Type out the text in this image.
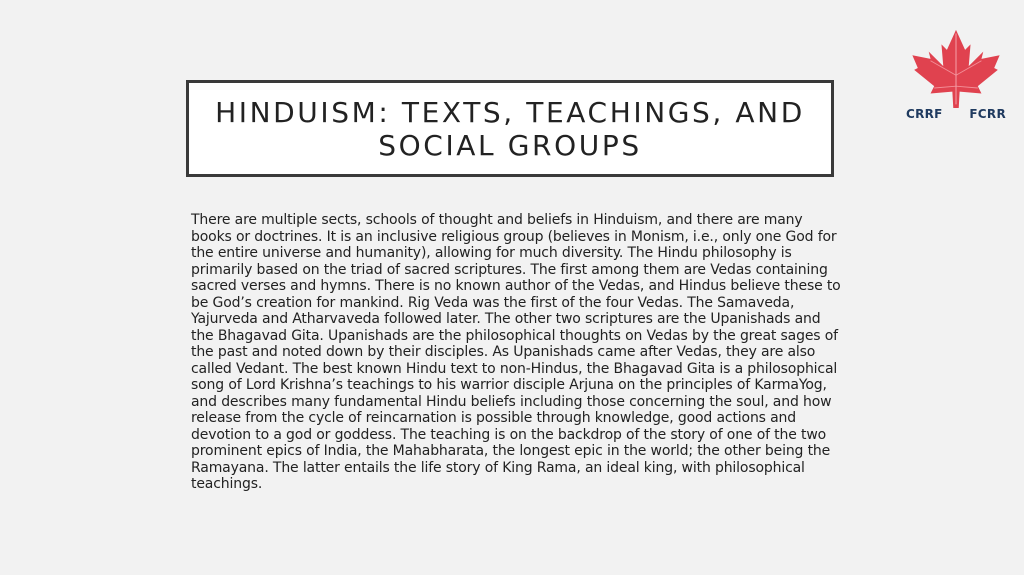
CRRF FCRR
HINDUISM: TEXTS, TEACHINGS, AND SOCIAL GROUPS

There are multiple sects, schools of thought and beliefs in Hinduism, and there are many books or doctrines. It is an inclusive religious group (believes in Monism, i.e., only one God for the entire universe and humanity), allowing for much diversity. The Hindu philosophy is primarily based on the triad of sacred scriptures. The first among them are Vedas containing sacred verses and hymns. There is no known author of the Vedas, and Hindus believe these to be God’s creation for mankind. Rig Veda was the first of the four Vedas. The Samaveda, Yajurveda and Atharvaveda followed later. The other two scriptures are the Upanishads and the Bhagavad Gita. Upanishads are the philosophical thoughts on Vedas by the great sages of the past and noted down by their disciples. As Upanishads came after Vedas, they are also called Vedant. The best known Hindu text to non-Hindus, the Bhagavad Gita is a philosophical song of Lord Krishna’s teachings to his warrior disciple Arjuna on the principles of KarmaYog, and describes many fundamental Hindu beliefs including those concerning the soul, and how release from the cycle of reincarnation is possible through knowledge, good actions and devotion to a god or goddess. The teaching is on the backdrop of the story of one of the two prominent epics of India, the Mahabharata, the longest epic in the world; the other being the Ramayana. The latter entails the life story of King Rama, an ideal king, with philosophical teachings.
